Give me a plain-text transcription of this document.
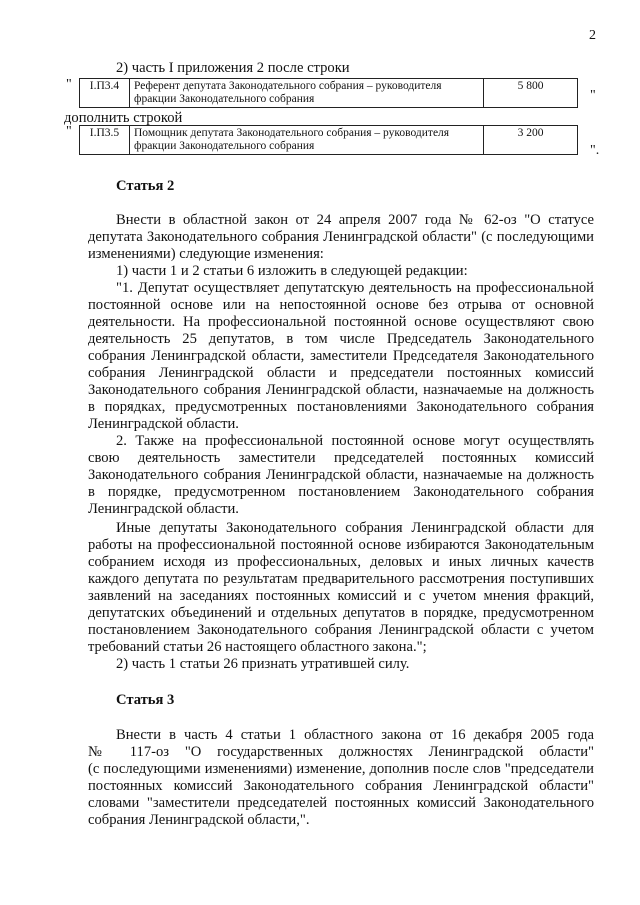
2
2) часть I приложения 2 после строки
" I.П3.4	Референт депутата Законодательного собрания – руководителя
фракции Законодательного собрания	5 800
"
дополнить строкой
" I.П3.5	Помощник депутата Законодательного собрания – руководителя
фракции Законодательного собрания	3 200
".
Статья 2
Внести в областной закон от 24 апреля 2007 года № 62-оз "О статусе
депутата Законодательного собрания Ленинградской области" (с последующими
изменениями) следующие изменения:
1) части 1 и 2 статьи 6 изложить в следующей редакции:
"1. Депутат осуществляет депутатскую деятельность на профессиональной
постоянной основе или на непостоянной основе без отрыва от основной
деятельности. На профессиональной постоянной основе осуществляют свою
деятельность 25 депутатов, в том числе Председатель Законодательного
собрания Ленинградской области, заместители Председателя Законодательного
собрания Ленинградской области и председатели постоянных комиссий
Законодательного собрания Ленинградской области, назначаемые на должность
в порядках, предусмотренных постановлениями Законодательного собрания
Ленинградской области.
2. Также на профессиональной постоянной основе могут осуществлять
свою деятельность заместители председателей постоянных комиссий
Законодательного собрания Ленинградской области, назначаемые на должность
в порядке, предусмотренном постановлением Законодательного собрания
Ленинградской области.
Иные депутаты Законодательного собрания Ленинградской области для
работы на профессиональной постоянной основе избираются Законодательным
собранием исходя из профессиональных, деловых и иных личных качеств
каждого депутата по результатам предварительного рассмотрения поступивших
заявлений на заседаниях постоянных комиссий и с учетом мнения фракций,
депутатских объединений и отдельных депутатов в порядке, предусмотренном
постановлением Законодательного собрания Ленинградской области с учетом
требований статьи 26 настоящего областного закона.";
2) часть 1 статьи 26 признать утратившей силу.
Статья 3
Внести в часть 4 статьи 1 областного закона от 16 декабря 2005 года
№ 117-оз "О государственных должностях Ленинградской области"
(с последующими изменениями) изменение, дополнив после слов "председатели
постоянных комиссий Законодательного собрания Ленинградской области"
словами "заместители председателей постоянных комиссий Законодательного
собрания Ленинградской области,".
